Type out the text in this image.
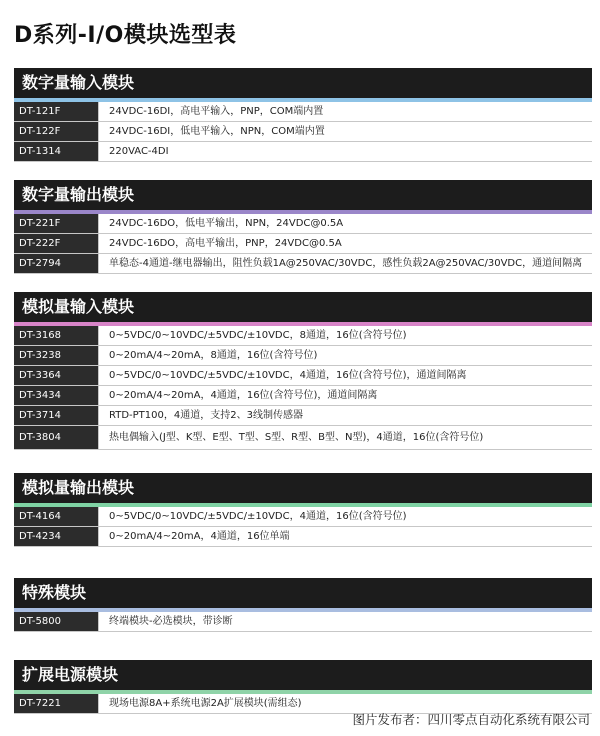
D系列-I/O模块选型表
数字量输入模块
DT-121F	24VDC-16DI，高电平输入，PNP，COM端内置
DT-122F	24VDC-16DI，低电平输入，NPN，COM端内置
DT-1314	220VAC-4DI
数字量输出模块
DT-221F	24VDC-16DO，低电平输出，NPN，24VDC@0.5A
DT-222F	24VDC-16DO，高电平输出，PNP，24VDC@0.5A
DT-2794	单稳态-4通道-继电器输出，阻性负载1A@250VAC/30VDC，感性负载2A@250VAC/30VDC，通道间隔离
模拟量输入模块
DT-3168	0~5VDC/0~10VDC/±5VDC/±10VDC，8通道，16位(含符号位)
DT-3238	0~20mA/4~20mA，8通道，16位(含符号位)
DT-3364	0~5VDC/0~10VDC/±5VDC/±10VDC，4通道，16位(含符号位)，通道间隔离
DT-3434	0~20mA/4~20mA，4通道，16位(含符号位)，通道间隔离
DT-3714	RTD-PT100，4通道，支持2、3线制传感器
DT-3804	热电偶输入(J型、K型、E型、T型、S型、R型、B型、N型)，4通道，16位(含符号位)
模拟量输出模块
DT-4164	0~5VDC/0~10VDC/±5VDC/±10VDC，4通道，16位(含符号位)
DT-4234	0~20mA/4~20mA，4通道，16位单端
特殊模块
DT-5800	终端模块-必选模块，带诊断
扩展电源模块
DT-7221	现场电源8A+系统电源2A扩展模块(需组态)
图片发布者：四川零点自动化系统有限公司
